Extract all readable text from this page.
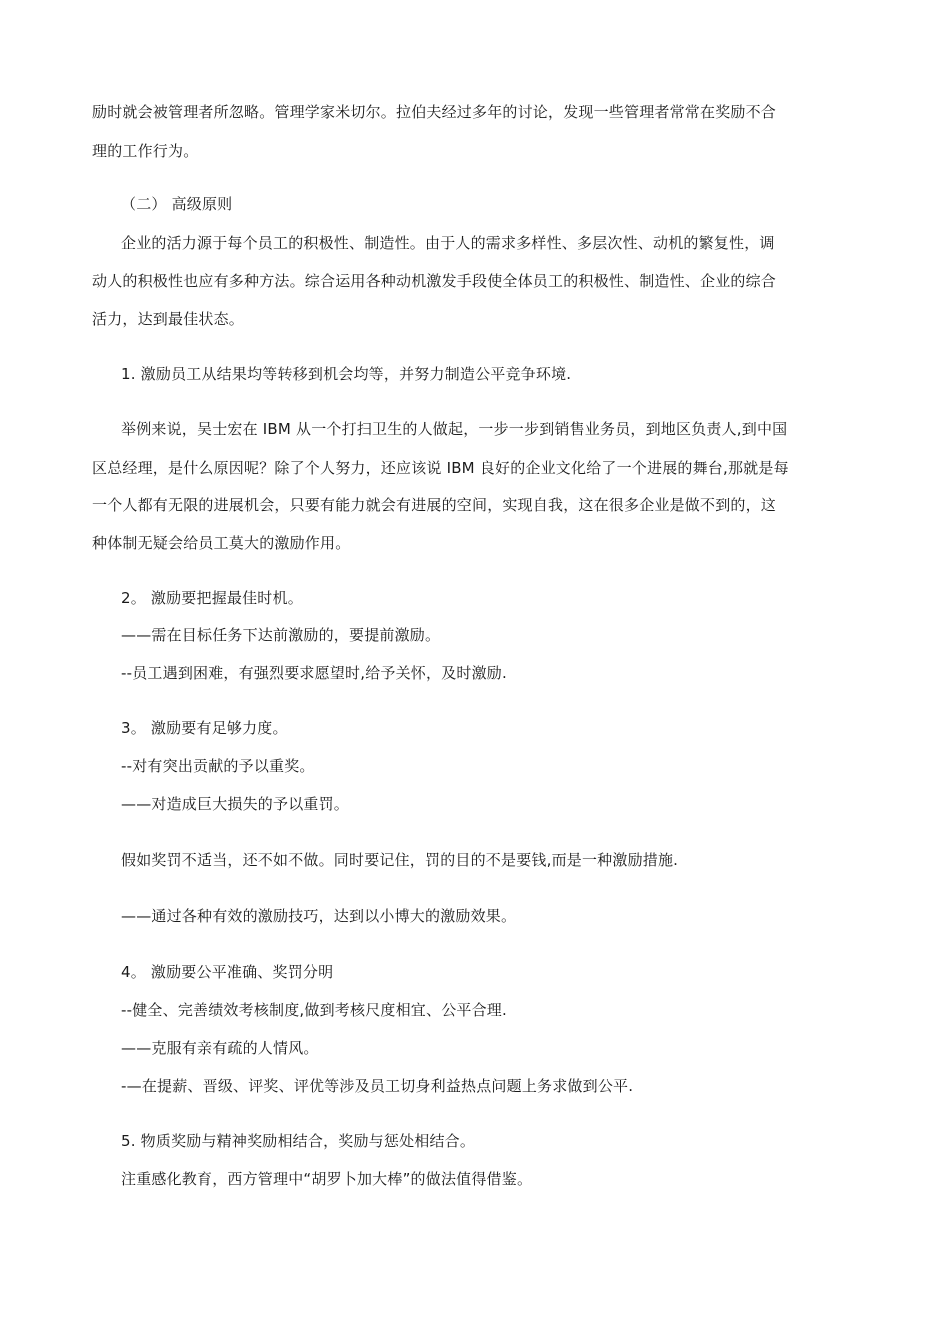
励时就会被管理者所忽略。管理学家米切尔。拉伯夫经过多年的讨论，发现一些管理者常常在奖励不合
理的工作行为。
（二） 高级原则
企业的活力源于每个员工的积极性、制造性。由于人的需求多样性、多层次性、动机的繁复性，调
动人的积极性也应有多种方法。综合运用各种动机激发手段使全体员工的积极性、制造性、企业的综合
活力，达到最佳状态。
1. 激励员工从结果均等转移到机会均等，并努力制造公平竞争环境.
举例来说，吴士宏在 IBM 从一个打扫卫生的人做起，一步一步到销售业务员，到地区负责人,到中国
区总经理，是什么原因呢？除了个人努力，还应该说 IBM 良好的企业文化给了一个进展的舞台,那就是每
一个人都有无限的进展机会，只要有能力就会有进展的空间，实现自我，这在很多企业是做不到的，这
种体制无疑会给员工莫大的激励作用。
2。 激励要把握最佳时机。
——需在目标任务下达前激励的，要提前激励。
--员工遇到困难，有强烈要求愿望时,给予关怀，及时激励.
3。 激励要有足够力度。
--对有突出贡献的予以重奖。
——对造成巨大损失的予以重罚。
假如奖罚不适当，还不如不做。同时要记住，罚的目的不是要钱,而是一种激励措施.
——通过各种有效的激励技巧，达到以小博大的激励效果。
4。 激励要公平准确、奖罚分明
--健全、完善绩效考核制度,做到考核尺度相宜、公平合理.
——克服有亲有疏的人情风。
-—在提薪、晋级、评奖、评优等涉及员工切身利益热点问题上务求做到公平.
5. 物质奖励与精神奖励相结合，奖励与惩处相结合。
注重感化教育，西方管理中“胡罗卜加大棒”的做法值得借鉴。
